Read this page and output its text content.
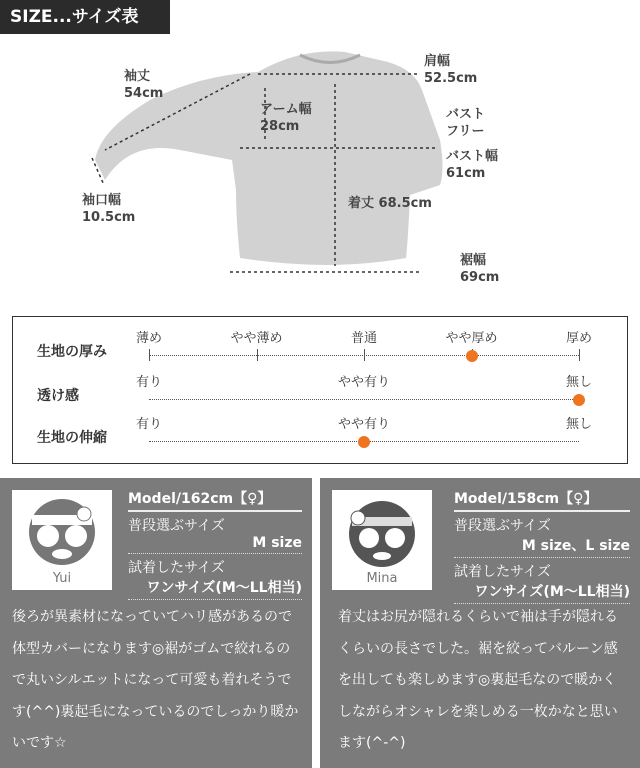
SIZE...サイズ表
袖丈
54cm
肩幅
52.5cm
アーム幅
28cm
バスト
フリー
バスト幅
61cm
袖口幅
10.5cm
着丈 68.5cm
裾幅
69cm
生地の厚み
薄め	やや薄め	普通	やや厚め	厚め
透け感
有り	やや有り	無し
生地の伸縮
有り	やや有り	無し
Yui
Model/162cm【♀】
普段選ぶサイズ
M size
試着したサイズ
ワンサイズ(M〜LL相当)
後ろが異素材になっていてハリ感があるので体型カバーになります◎裾がゴムで絞れるので丸いシルエットになって可愛も着れそうです(^^)裏起毛になっているのでしっかり暖かいです☆
Mina
Model/158cm【♀】
普段選ぶサイズ
M size、L size
試着したサイズ
ワンサイズ(M〜LL相当)
着丈はお尻が隠れるくらいで袖は手が隠れるくらいの長さでした。裾を絞ってバルーン感を出しても楽しめます◎裏起毛なので暖かくしながらオシャレを楽しめる一枚かなと思います(^-^)
